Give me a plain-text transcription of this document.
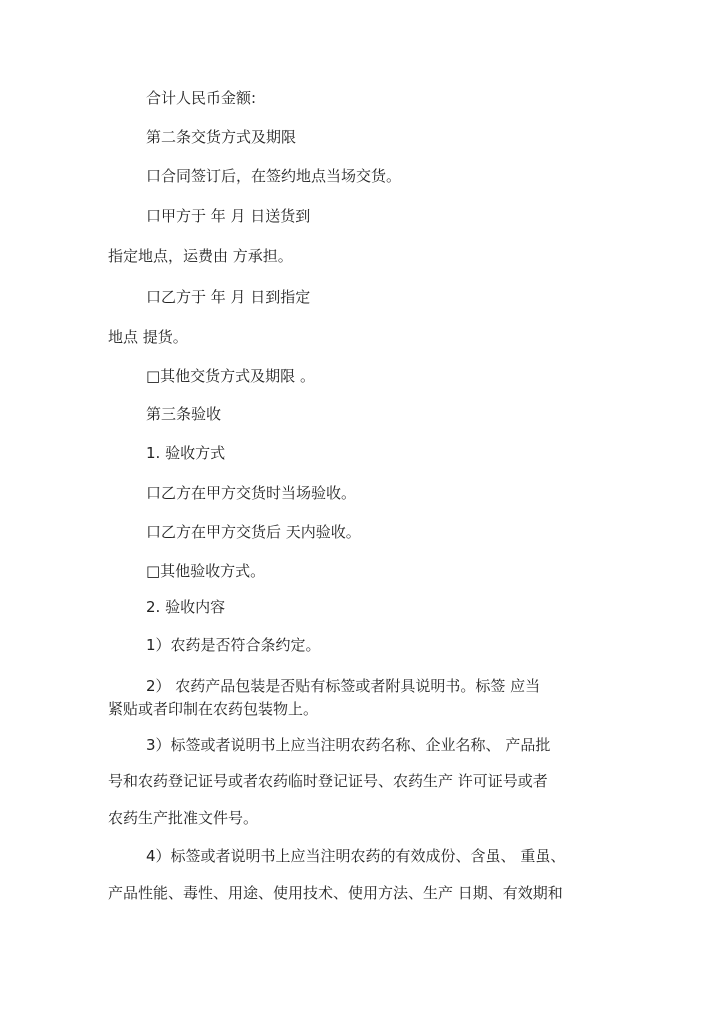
合计人民币金额:

第二条交货方式及期限

口合同签订后，在签约地点当场交货。

口甲方于 年 月 日送货到

指定地点，运费由 方承担。

口乙方于 年 月 日到指定

地点 提货。

□其他交货方式及期限 。

第三条验收

1. 验收方式

口乙方在甲方交货时当场验收。

口乙方在甲方交货后 天内验收。

□其他验收方式。

2. 验收内容

1）农药是否符合条约定。

2） 农药产品包装是否贴有标签或者附具说明书。标签 应当

紧贴或者印制在农药包装物上。

3）标签或者说明书上应当注明农药名称、企业名称、 产品批

号和农药登记证号或者农药临时登记证号、农药生产 许可证号或者

农药生产批准文件号。

4）标签或者说明书上应当注明农药的有效成份、含虽、 重虽、

产品性能、毒性、用途、使用技术、使用方法、生产 日期、有效期和
